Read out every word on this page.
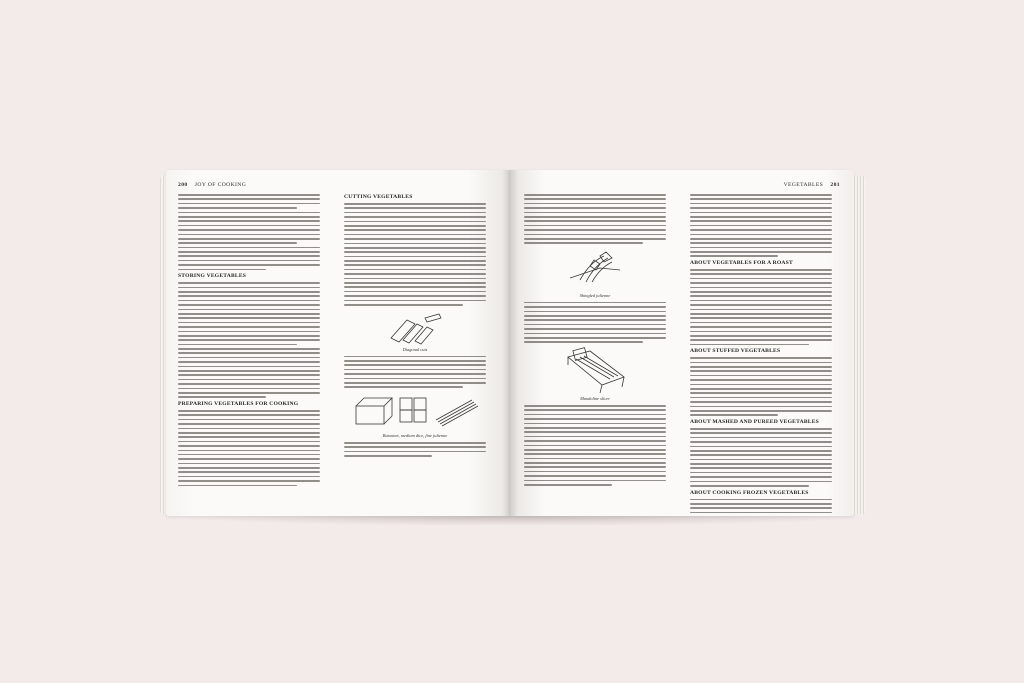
200 JOY OF COOKING
STORING VEGETABLES
PREPARING VEGETABLES FOR COOKING
CUTTING VEGETABLES
Diagonal cuts
Batonnet, medium dice, fine julienne
VEGETABLES 201
Shingled julienne
Mandoline slicer
ABOUT VEGETABLES FOR A ROAST
ABOUT STUFFED VEGETABLES
ABOUT MASHED AND PUREED VEGETABLES
ABOUT COOKING FROZEN VEGETABLES
